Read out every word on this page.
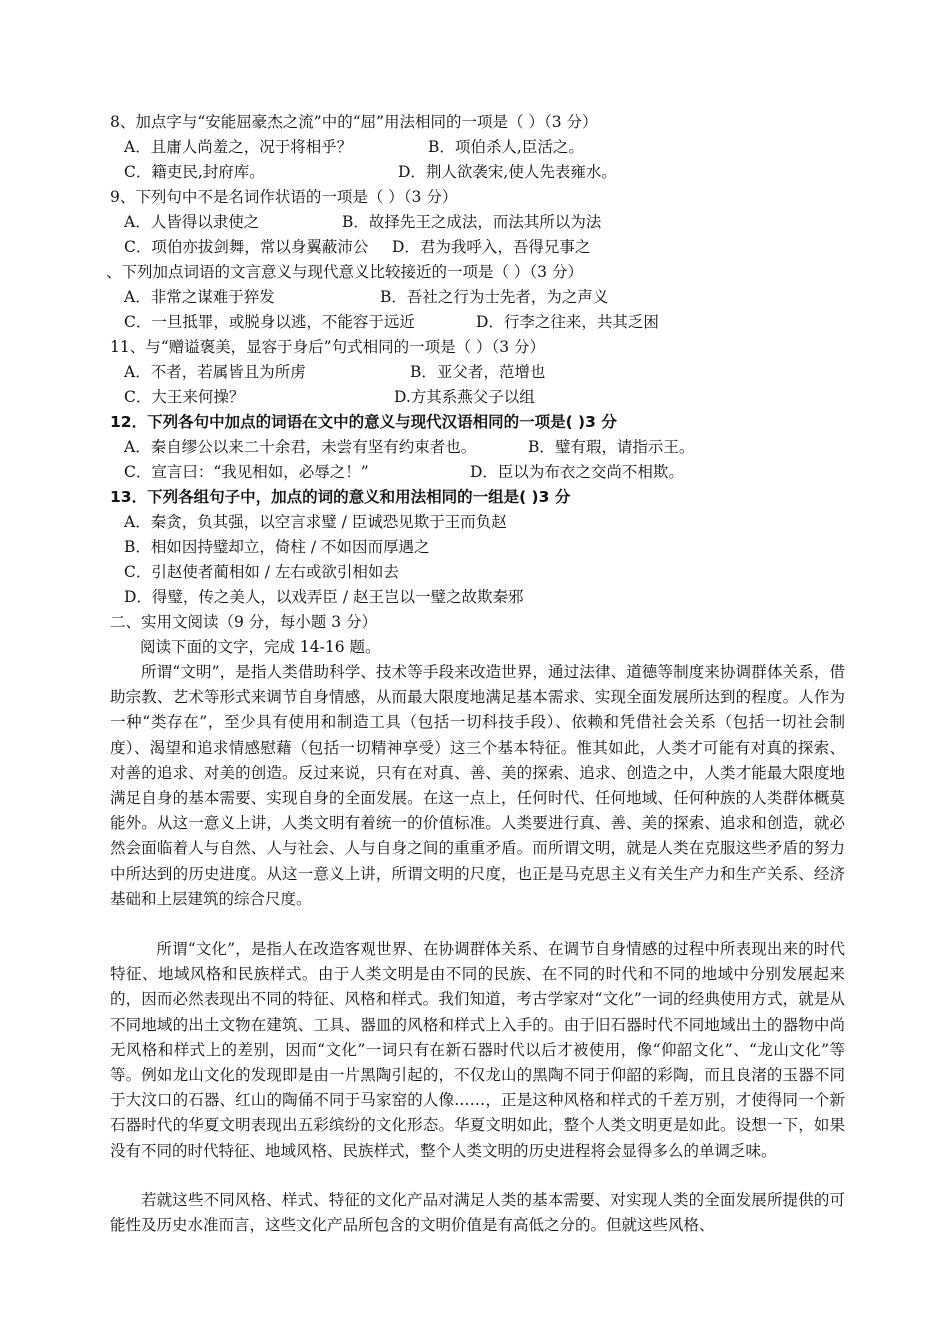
8、加点字与“安能屈豪杰之流”中的“屈”用法相同的一项是（ ）（3 分）
A．且庸人尚羞之，况于将相乎？	B．项伯杀人,臣活之。
C．籍吏民,封府库。	D．荆人欲袭宋,使人先表雍水。
9、下列句中不是名词作状语的一项是（ ）（3 分）
A．人皆得以隶使之	B．故择先王之成法，而法其所以为法
C．项伯亦拔剑舞，常以身翼蔽沛公 D．君为我呼入，吾得兄事之
、下列加点词语的文言意义与现代意义比较接近的一项是（ ）（3 分）
A．非常之谋难于猝发	B．吾社之行为士先者，为之声义
C．一旦抵罪，或脱身以逃，不能容于远近	D．行李之往来，共其乏困
11、与“赠谥褒美，显容于身后”句式相同的一项是（ ）（3 分）
A．不者，若属皆且为所虏	B．亚父者，范增也
C．大王来何操？	D.方其系燕父子以组
12．下列各句中加点的词语在文中的意义与现代汉语相同的一项是( )3 分
A．秦自缪公以来二十余君，未尝有坚有约束者也。	B．璧有瑕，请指示王。
C．宣言曰：“我见相如，必辱之！”	D．臣以为布衣之交尚不相欺。
13．下列各组句子中，加点的词的意义和用法相同的一组是( )3 分
A．秦贪，负其强，以空言求璧 / 臣诚恐见欺于王而负赵
B．相如因持璧却立，倚柱 / 不如因而厚遇之
C．引赵使者蔺相如 / 左右或欲引相如去
D．得璧，传之美人，以戏弄臣 / 赵王岂以一璧之故欺秦邪
二、实用文阅读（9 分，每小题 3 分）
阅读下面的文字，完成 14-16 题。
所谓“文明”，是指人类借助科学、技术等手段来改造世界，通过法律、道德等制度来协调群体关系，借助宗教、艺术等形式来调节自身情感，从而最大限度地满足基本需求、实现全面发展所达到的程度。人作为一种“类存在”，至少具有使用和制造工具（包括一切科技手段）、依赖和凭借社会关系（包括一切社会制度）、渴望和追求情感慰藉（包括一切精神享受）这三个基本特征。惟其如此，人类才可能有对真的探索、对善的追求、对美的创造。反过来说，只有在对真、善、美的探索、追求、创造之中，人类才能最大限度地满足自身的基本需要、实现自身的全面发展。在这一点上，任何时代、任何地域、任何种族的人类群体概莫能外。从这一意义上讲，人类文明有着统一的价值标准。人类要进行真、善、美的探索、追求和创造，就必然会面临着人与自然、人与社会、人与自身之间的重重矛盾。而所谓文明，就是人类在克服这些矛盾的努力中所达到的历史进度。从这一意义上讲，所谓文明的尺度，也正是马克思主义有关生产力和生产关系、经济基础和上层建筑的综合尺度。
所谓“文化”，是指人在改造客观世界、在协调群体关系、在调节自身情感的过程中所表现出来的时代特征、地域风格和民族样式。由于人类文明是由不同的民族、在不同的时代和不同的地域中分别发展起来的，因而必然表现出不同的特征、风格和样式。我们知道，考古学家对“文化”一词的经典使用方式，就是从不同地域的出土文物在建筑、工具、器皿的风格和样式上入手的。由于旧石器时代不同地域出土的器物中尚无风格和样式上的差别，因而“文化”一词只有在新石器时代以后才被使用，像“仰韶文化”、“龙山文化”等等。例如龙山文化的发现即是由一片黑陶引起的，不仅龙山的黑陶不同于仰韶的彩陶，而且良渚的玉器不同于大汶口的石器、红山的陶俑不同于马家窑的人像……，正是这种风格和样式的千差万别，才使得同一个新石器时代的华夏文明表现出五彩缤纷的文化形态。华夏文明如此，整个人类文明更是如此。设想一下，如果没有不同的时代特征、地域风格、民族样式，整个人类文明的历史进程将会显得多么的单调乏味。
若就这些不同风格、样式、特征的文化产品对满足人类的基本需要、对实现人类的全面发展所提供的可能性及历史水准而言，这些文化产品所包含的文明价值是有高低之分的。但就这些风格、
